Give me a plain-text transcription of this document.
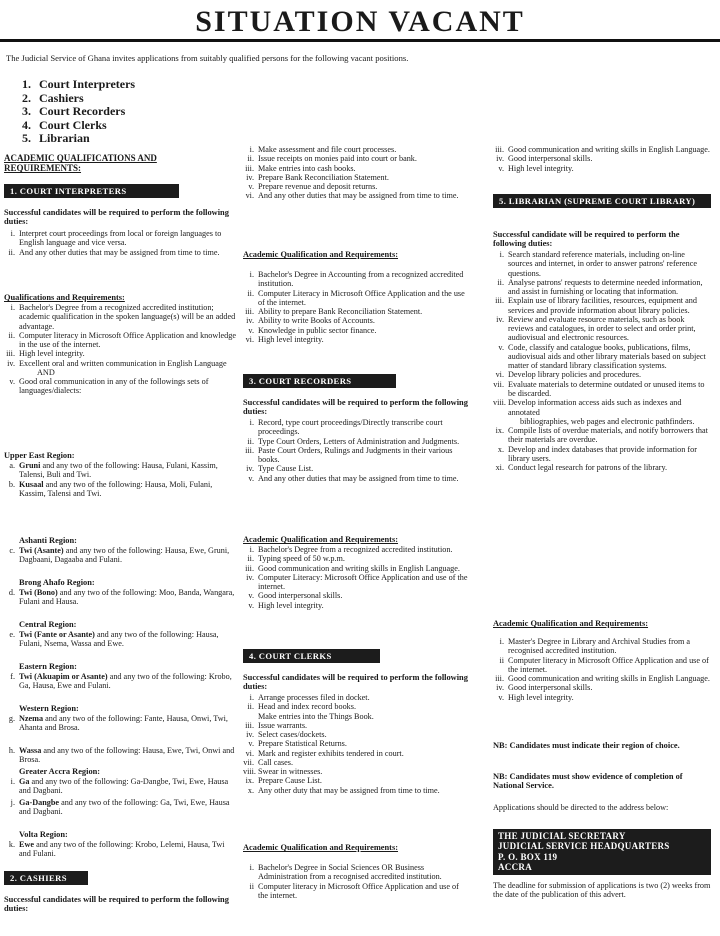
SITUATION VACANT
The Judicial Service of Ghana invites applications from suitably qualified persons for the following vacant positions.
1. Court Interpreters
2. Cashiers
3. Court Recorders
4. Court Clerks
5. Librarian
ACADEMIC QUALIFICATIONS AND REQUIREMENTS:
1. COURT INTERPRETERS
Successful candidates will be required to perform the following duties:
i. Interpret court proceedings from local or foreign languages to English language and vice versa.
ii. And any other duties that may be assigned from time to time.
Qualifications and Requirements:
i. Bachelor's Degree from a recognized accredited institution; academic qualification in the spoken language(s) will be an added advantage.
ii. Computer literacy in Microsoft Office Application and knowledge in the use of the internet.
iii. High level integrity.
iv. Excellent oral and written communication in English Language
AND
v. Good oral communication in any of the followings sets of languages/dialects:
Upper East Region:
a. Gruni and any two of the following: Hausa, Fulani, Kassim, Talensi, Buli and Twi.
b. Kusaal and any two of the following: Hausa, Moli, Fulani, Kassim, Talensi and Twi.
Ashanti Region:
c. Twi (Asante) and any two of the following: Hausa, Ewe, Gruni, Dagbaani, Dagaaba and Fulani.
Brong Ahafo Region:
d. Twi (Bono) and any two of the following: Moo, Banda, Wangara, Fulani and Hausa.
Central Region:
e. Twi (Fante or Asante) and any two of the following: Hausa, Fulani, Nsema, Wassa and Ewe.
Eastern Region:
f. Twi (Akuapim or Asante) and any two of the following: Krobo, Ga, Hausa, Ewe and Fulani.
Western Region:
g. Nzema and any two of the following: Fante, Hausa, Onwi, Twi, Ahanta and Brosa.
h. Wassa and any two of the following: Hausa, Ewe, Twi, Onwi and Brosa.
Greater Accra Region:
i. Ga and any two of the following: Ga-Dangbe, Twi, Ewe, Hausa and Dagbani.
j. Ga-Dangbe and any two of the following: Ga, Twi, Ewe, Hausa and Dagbani.
Volta Region:
k. Ewe and any two of the following: Krobo, Lelemi, Hausa, Twi and Fulani.
2. CASHIERS
Successful candidates will be required to perform the following duties:
i. Make assessment and file court processes.
ii. Issue receipts on monies paid into court or bank.
iii. Make entries into cash books.
iv. Prepare Bank Reconciliation Statement.
v. Prepare revenue and deposit returns.
vi. And any other duties that may be assigned from time to time.
Academic Qualification and Requirements:
i. Bachelor's Degree in Accounting from a recognized accredited institution.
ii. Computer Literacy in Microsoft Office Application and the use of the internet.
iii. Ability to prepare Bank Reconciliation Statement.
iv. Ability to write Books of Accounts.
v. Knowledge in public sector finance.
vi. High level integrity.
3. COURT RECORDERS
Successful candidates will be required to perform the following duties:
i. Record, type court proceedings/Directly transcribe court proceedings.
ii. Type Court Orders, Letters of Administration and Judgments.
iii. Paste Court Orders, Rulings and Judgments in their various books.
iv. Type Cause List.
v. And any other duties that may be assigned from time to time.
Academic Qualification and Requirements:
i. Bachelor's Degree from a recognized accredited institution.
ii. Typing speed of 50 w.p.m.
iii. Good communication and writing skills in English Language.
iv. Computer Literacy: Microsoft Office Application and use of the internet.
v. Good interpersonal skills.
v. High level integrity.
4. COURT CLERKS
Successful candidates will be required to perform the following duties:
i. Arrange processes filed in docket.
ii. Head and index record books.
Make entries into the Things Book.
iii. Issue warrants.
iv. Select cases/dockets.
v. Prepare Statistical Returns.
vi. Mark and register exhibits tendered in court.
vii. Call cases.
viii. Swear in witnesses.
ix. Prepare Cause List.
x. Any other duty that may be assigned from time to time.
Academic Qualification and Requirements:
i. Bachelor's Degree in Social Sciences OR Business Administration from a recognised accredited institution.
ii Computer literacy in Microsoft Office Application and use of the internet.
iii. Good communication and writing skills in English Language.
iv. Good interpersonal skills.
v. High level integrity.
5. LIBRARIAN (SUPREME COURT LIBRARY)
Successful candidate will be required to perform the following duties:
i. Search standard reference materials, including on-line sources and internet, in order to answer patrons' reference questions.
ii. Analyse patrons' requests to determine needed information, and assist in furnishing or locating that information.
iii. Explain use of library facilities, resources, equipment and services and provide information about library policies.
iv. Review and evaluate resource materials, such as book reviews and catalogues, in order to select and order print, audiovisual and electronic resources.
v. Code, classify and catalogue books, publications, films, audiovisual aids and other library materials based on subject matter of standard library classification systems.
vi. Develop library policies and procedures.
vii. Evaluate materials to determine outdated or unused items to be discarded.
viii. Develop information access aids such as indexes and annotated
bibliographies, web pages and electronic pathfinders.
ix. Compile lists of overdue materials, and notify borrowers that their materials are overdue.
x. Develop and index databases that provide information for library users.
xi. Conduct legal research for patrons of the library.
Academic Qualification and Requirements:
i. Master's Degree in Library and Archival Studies from a recognised accredited institution.
ii Computer literacy in Microsoft Office Application and use of the internet.
iii. Good communication and writing skills in English Language.
iv. Good interpersonal skills.
v. High level integrity.
NB: Candidates must indicate their region of choice.
NB: Candidates must show evidence of completion of National Service.
Applications should be directed to the address below:
THE JUDICIAL SECRETARY
JUDICIAL SERVICE HEADQUARTERS
P. O. BOX 119
ACCRA
The deadline for submission of applications is two (2) weeks from the date of the publication of this advert.
